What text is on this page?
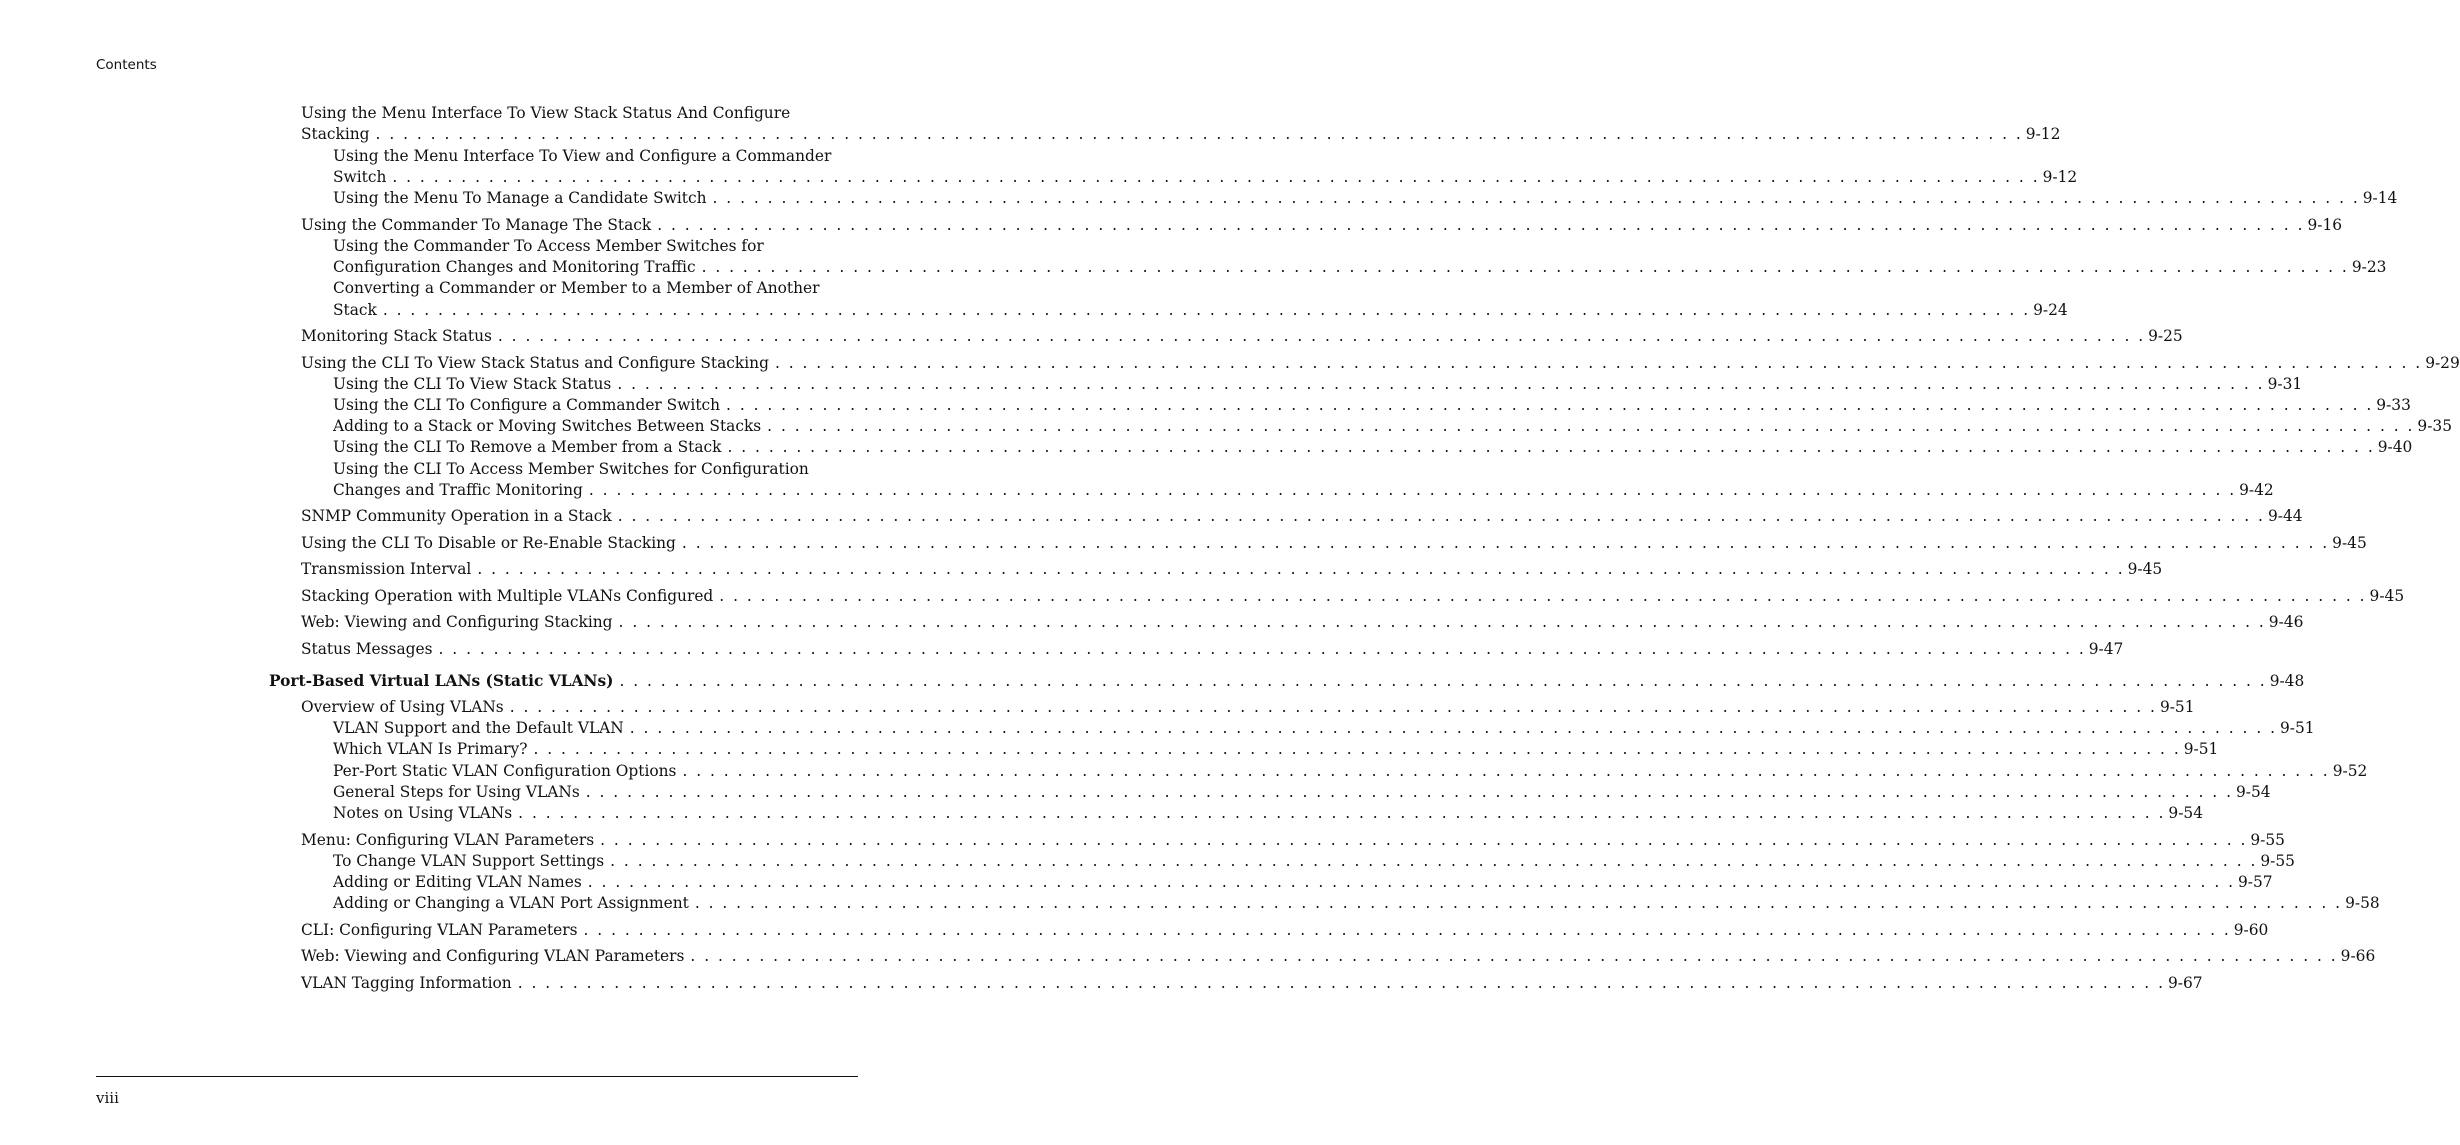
Contents
Using the Menu Interface To View Stack Status And Configure
Stacking . . . . . . . . . . . . . . . . . . . . . . . . . . . . . . . . . . . . . . . . . . . . . . . . . . . . . . . . . . . . . . . . . . . . . . . . . . . . . . . . . . . . . . . . . . . . . . . . . . . . . . . . . . . . . . . . . . . . . . . . 9-12
Using the Menu Interface To View and Configure a Commander
Switch . . . . . . . . . . . . . . . . . . . . . . . . . . . . . . . . . . . . . . . . . . . . . . . . . . . . . . . . . . . . . . . . . . . . . . . . . . . . . . . . . . . . . . . . . . . . . . . . . . . . . . . . . . . . . . . . . . . . . . . . 9-12
Using the Menu To Manage a Candidate Switch . . . . . . . . . . . . . . . . . . . . . . . . . . . . . . . . . . . . . . . . . . . . . . . . . . . . . . . . . . . . . . . . . . . . . . . . . . . . . . . . . . . . . . . . . . . . . . . . . . . . . . . . . . . . . . . . . . . . . . . . 9-14
Using the Commander To Manage The Stack . . . . . . . . . . . . . . . . . . . . . . . . . . . . . . . . . . . . . . . . . . . . . . . . . . . . . . . . . . . . . . . . . . . . . . . . . . . . . . . . . . . . . . . . . . . . . . . . . . . . . . . . . . . . . . . . . . . . . . . . 9-16
Using the Commander To Access Member Switches for
Configuration Changes and Monitoring Traffic . . . . . . . . . . . . . . . . . . . . . . . . . . . . . . . . . . . . . . . . . . . . . . . . . . . . . . . . . . . . . . . . . . . . . . . . . . . . . . . . . . . . . . . . . . . . . . . . . . . . . . . . . . . . . . . . . . . . . . . . 9-23
Converting a Commander or Member to a Member of Another
Stack . . . . . . . . . . . . . . . . . . . . . . . . . . . . . . . . . . . . . . . . . . . . . . . . . . . . . . . . . . . . . . . . . . . . . . . . . . . . . . . . . . . . . . . . . . . . . . . . . . . . . . . . . . . . . . . . . . . . . . . . 9-24
Monitoring Stack Status . . . . . . . . . . . . . . . . . . . . . . . . . . . . . . . . . . . . . . . . . . . . . . . . . . . . . . . . . . . . . . . . . . . . . . . . . . . . . . . . . . . . . . . . . . . . . . . . . . . . . . . . . . . . . . . . . . . . . . . . 9-25
Using the CLI To View Stack Status and Configure Stacking . . . . . . . . . . . . . . . . . . . . . . . . . . . . . . . . . . . . . . . . . . . . . . . . . . . . . . . . . . . . . . . . . . . . . . . . . . . . . . . . . . . . . . . . . . . . . . . . . . . . . . . . . . . . . . . . . . . . . . . . 9-29
Using the CLI To View Stack Status . . . . . . . . . . . . . . . . . . . . . . . . . . . . . . . . . . . . . . . . . . . . . . . . . . . . . . . . . . . . . . . . . . . . . . . . . . . . . . . . . . . . . . . . . . . . . . . . . . . . . . . . . . . . . . . . . . . . . . . . 9-31
Using the CLI To Configure a Commander Switch . . . . . . . . . . . . . . . . . . . . . . . . . . . . . . . . . . . . . . . . . . . . . . . . . . . . . . . . . . . . . . . . . . . . . . . . . . . . . . . . . . . . . . . . . . . . . . . . . . . . . . . . . . . . . . . . . . . . . . . . 9-33
Adding to a Stack or Moving Switches Between Stacks . . . . . . . . . . . . . . . . . . . . . . . . . . . . . . . . . . . . . . . . . . . . . . . . . . . . . . . . . . . . . . . . . . . . . . . . . . . . . . . . . . . . . . . . . . . . . . . . . . . . . . . . . . . . . . . . . . . . . . . . 9-35
Using the CLI To Remove a Member from a Stack . . . . . . . . . . . . . . . . . . . . . . . . . . . . . . . . . . . . . . . . . . . . . . . . . . . . . . . . . . . . . . . . . . . . . . . . . . . . . . . . . . . . . . . . . . . . . . . . . . . . . . . . . . . . . . . . . . . . . . . . 9-40
Using the CLI To Access Member Switches for Configuration
Changes and Traffic Monitoring . . . . . . . . . . . . . . . . . . . . . . . . . . . . . . . . . . . . . . . . . . . . . . . . . . . . . . . . . . . . . . . . . . . . . . . . . . . . . . . . . . . . . . . . . . . . . . . . . . . . . . . . . . . . . . . . . . . . . . . . 9-42
SNMP Community Operation in a Stack . . . . . . . . . . . . . . . . . . . . . . . . . . . . . . . . . . . . . . . . . . . . . . . . . . . . . . . . . . . . . . . . . . . . . . . . . . . . . . . . . . . . . . . . . . . . . . . . . . . . . . . . . . . . . . . . . . . . . . . . 9-44
Using the CLI To Disable or Re-Enable Stacking . . . . . . . . . . . . . . . . . . . . . . . . . . . . . . . . . . . . . . . . . . . . . . . . . . . . . . . . . . . . . . . . . . . . . . . . . . . . . . . . . . . . . . . . . . . . . . . . . . . . . . . . . . . . . . . . . . . . . . . . 9-45
Transmission Interval . . . . . . . . . . . . . . . . . . . . . . . . . . . . . . . . . . . . . . . . . . . . . . . . . . . . . . . . . . . . . . . . . . . . . . . . . . . . . . . . . . . . . . . . . . . . . . . . . . . . . . . . . . . . . . . . . . . . . . . . 9-45
Stacking Operation with Multiple VLANs Configured . . . . . . . . . . . . . . . . . . . . . . . . . . . . . . . . . . . . . . . . . . . . . . . . . . . . . . . . . . . . . . . . . . . . . . . . . . . . . . . . . . . . . . . . . . . . . . . . . . . . . . . . . . . . . . . . . . . . . . . . 9-45
Web: Viewing and Configuring Stacking . . . . . . . . . . . . . . . . . . . . . . . . . . . . . . . . . . . . . . . . . . . . . . . . . . . . . . . . . . . . . . . . . . . . . . . . . . . . . . . . . . . . . . . . . . . . . . . . . . . . . . . . . . . . . . . . . . . . . . . . 9-46
Status Messages . . . . . . . . . . . . . . . . . . . . . . . . . . . . . . . . . . . . . . . . . . . . . . . . . . . . . . . . . . . . . . . . . . . . . . . . . . . . . . . . . . . . . . . . . . . . . . . . . . . . . . . . . . . . . . . . . . . . . . . . 9-47
Port-Based Virtual LANs (Static VLANs) . . . . . . . . . . . . . . . . . . . . . . . . . . . . . . . . . . . . . . . . . . . . . . . . . . . . . . . . . . . . . . . . . . . . . . . . . . . . . . . . . . . . . . . . . . . . . . . . . . . . . . . . . . . . . . . . . . . . . . . . 9-48
Overview of Using VLANs . . . . . . . . . . . . . . . . . . . . . . . . . . . . . . . . . . . . . . . . . . . . . . . . . . . . . . . . . . . . . . . . . . . . . . . . . . . . . . . . . . . . . . . . . . . . . . . . . . . . . . . . . . . . . . . . . . . . . . . . 9-51
VLAN Support and the Default VLAN . . . . . . . . . . . . . . . . . . . . . . . . . . . . . . . . . . . . . . . . . . . . . . . . . . . . . . . . . . . . . . . . . . . . . . . . . . . . . . . . . . . . . . . . . . . . . . . . . . . . . . . . . . . . . . . . . . . . . . . . 9-51
Which VLAN Is Primary? . . . . . . . . . . . . . . . . . . . . . . . . . . . . . . . . . . . . . . . . . . . . . . . . . . . . . . . . . . . . . . . . . . . . . . . . . . . . . . . . . . . . . . . . . . . . . . . . . . . . . . . . . . . . . . . . . . . . . . . . 9-51
Per-Port Static VLAN Configuration Options . . . . . . . . . . . . . . . . . . . . . . . . . . . . . . . . . . . . . . . . . . . . . . . . . . . . . . . . . . . . . . . . . . . . . . . . . . . . . . . . . . . . . . . . . . . . . . . . . . . . . . . . . . . . . . . . . . . . . . . . 9-52
General Steps for Using VLANs . . . . . . . . . . . . . . . . . . . . . . . . . . . . . . . . . . . . . . . . . . . . . . . . . . . . . . . . . . . . . . . . . . . . . . . . . . . . . . . . . . . . . . . . . . . . . . . . . . . . . . . . . . . . . . . . . . . . . . . . 9-54
Notes on Using VLANs . . . . . . . . . . . . . . . . . . . . . . . . . . . . . . . . . . . . . . . . . . . . . . . . . . . . . . . . . . . . . . . . . . . . . . . . . . . . . . . . . . . . . . . . . . . . . . . . . . . . . . . . . . . . . . . . . . . . . . . . 9-54
Menu: Configuring VLAN Parameters . . . . . . . . . . . . . . . . . . . . . . . . . . . . . . . . . . . . . . . . . . . . . . . . . . . . . . . . . . . . . . . . . . . . . . . . . . . . . . . . . . . . . . . . . . . . . . . . . . . . . . . . . . . . . . . . . . . . . . . . 9-55
To Change VLAN Support Settings . . . . . . . . . . . . . . . . . . . . . . . . . . . . . . . . . . . . . . . . . . . . . . . . . . . . . . . . . . . . . . . . . . . . . . . . . . . . . . . . . . . . . . . . . . . . . . . . . . . . . . . . . . . . . . . . . . . . . . . . 9-55
Adding or Editing VLAN Names . . . . . . . . . . . . . . . . . . . . . . . . . . . . . . . . . . . . . . . . . . . . . . . . . . . . . . . . . . . . . . . . . . . . . . . . . . . . . . . . . . . . . . . . . . . . . . . . . . . . . . . . . . . . . . . . . . . . . . . . 9-57
Adding or Changing a VLAN Port Assignment . . . . . . . . . . . . . . . . . . . . . . . . . . . . . . . . . . . . . . . . . . . . . . . . . . . . . . . . . . . . . . . . . . . . . . . . . . . . . . . . . . . . . . . . . . . . . . . . . . . . . . . . . . . . . . . . . . . . . . . . 9-58
CLI: Configuring VLAN Parameters . . . . . . . . . . . . . . . . . . . . . . . . . . . . . . . . . . . . . . . . . . . . . . . . . . . . . . . . . . . . . . . . . . . . . . . . . . . . . . . . . . . . . . . . . . . . . . . . . . . . . . . . . . . . . . . . . . . . . . . . 9-60
Web: Viewing and Configuring VLAN Parameters . . . . . . . . . . . . . . . . . . . . . . . . . . . . . . . . . . . . . . . . . . . . . . . . . . . . . . . . . . . . . . . . . . . . . . . . . . . . . . . . . . . . . . . . . . . . . . . . . . . . . . . . . . . . . . . . . . . . . . . . 9-66
VLAN Tagging Information . . . . . . . . . . . . . . . . . . . . . . . . . . . . . . . . . . . . . . . . . . . . . . . . . . . . . . . . . . . . . . . . . . . . . . . . . . . . . . . . . . . . . . . . . . . . . . . . . . . . . . . . . . . . . . . . . . . . . . . . 9-67
viii
